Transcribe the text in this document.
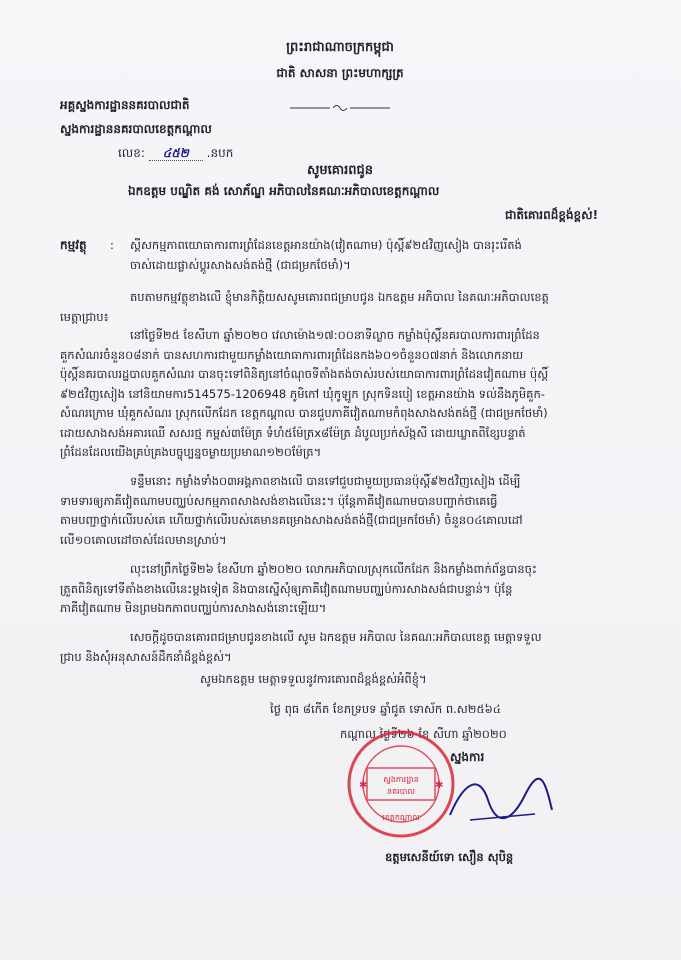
ព្រះរាជាណាចក្រកម្ពុជា
ជាតិ សាសនា ព្រះមហាក្សត្រ
អគ្គស្នងការដ្ឋាននគរបាលជាតិ
ស្នងការដ្ឋាននគរបាលខេត្តកណ្តាល
លេខ: ៤៥២ .នបក
សូមគោរពជូន
ឯកឧត្តម បណ្ឌិត គង់ សោភ័ណ្ឌ អភិបាលនៃគណៈអភិបាលខេត្តកណ្តាល
ជាតិគោរពដ៏ខ្ពង់ខ្ពស់!
កម្មវត្ថុ : ស្តីសកម្មភាពយោធាការពារព្រំដែនខេត្តអានយ៉ាង(វៀតណាម) ប៉ុស្តិ៍៩២៥វិញសៀង បានរុះរើតង់
ចាស់ដោយផ្លាស់ប្តូរសាងសង់តង់ថ្មី (ជាជម្រកថែមាំ)។
តបតាមកម្មវត្ថុខាងលើ ខ្ញុំមានកិត្តិយសសូមគោរពជម្រាបជូន ឯកឧត្តម អភិបាល នៃគណៈអភិបាលខេត្ត
មេត្តាជ្រាប៖
នៅថ្ងៃទី២៥ ខែសីហា ឆ្នាំ២០២០ វេលាម៉ោង១៧:០០នាទីល្ងាច កម្លាំងប៉ុស្តិ៍នគរបាលការពារព្រំដែន
គួកសំណរចំនួន០៨នាក់ បានសហការជាមួយកម្លាំងយោធាការពារព្រំដែនកង៦០១ចំនួន០៧នាក់ និងលោកនាយ
ប៉ុស្តិ៍នគរបាលរដ្ឋបាលគួកសំណរ បានចុះទៅពិនិត្យនៅចំណុចទីតាំងតង់ចាស់របស់យោធាការពារព្រំដែនវៀតណាម ប៉ុស្តិ៍
៩២៥វិញសៀង នៅនិយាមការ514575-1206948 ភូមិកៅ ឃុំកូឡូក ស្រុកទិនបៀ ខេត្តអានយ៉ាង ទល់នឹងភូមិគួក-
សំណរក្រោម ឃុំគួកសំណរ ស្រុកលើកដែក ខេត្តកណ្តាល បានជួបភាគីវៀតណាមកំពុងសាងសង់តង់ថ្មី (ជាជម្រកថែមាំ)
ដោយសាងសង់អគារឈើ សសរថ្ម កម្ពស់៣ម៉ែត្រ ទំហំ៥ម៉ែត្រx៨ម៉ែត្រ ដំបូលប្រក់ស័ង្កសី ដោយឃ្លាតពីខ្សែបន្ទាត់
ព្រំដែនដែលយើងគ្រប់គ្រងបច្ចុប្បន្នចម្ងាយប្រមាណ១២០ម៉ែត្រ។
ទន្ទឹមនោះ កម្លាំងទាំង០៣អង្គភាពខាងលើ បានទៅជួបជាមួយប្រធានប៉ុស្តិ៍៩២៥វិញសៀង ដើម្បី
ទាមទារឲ្យភាគីវៀតណាមបញ្ឈប់សកម្មភាពសាងសង់ខាងលើនេះ។ ប៉ុន្តែភាគីវៀតណាមបានបញ្ជាក់ថាគេធ្វើ
តាមបញ្ជាថ្នាក់លើរបស់គេ ហើយថ្នាក់លើរបស់គេមានគម្រោងសាងសង់តង់ថ្មី(ជាជម្រកថែមាំ) ចំនួន០៤គោលដៅ
លើ១០គោលដៅចាស់ដែលមានស្រាប់។
លុះនៅព្រឹកថ្ងៃទី២៦ ខែសីហា ឆ្នាំ២០២០ លោកអភិបាលស្រុកលើកដែក និងកម្លាំងពាក់ព័ន្ធបានចុះ
ត្រួតពិនិត្យទៅទីតាំងខាងលើនេះម្តងទៀត និងបានស្នើសុំឲ្យភាគីវៀតណាមបញ្ឈប់ការសាងសង់ជាបន្ទាន់។ ប៉ុន្តែ
ភាគីវៀតណាម មិនព្រមឯកភាពបញ្ឈប់ការសាងសង់នោះឡើយ។
សេចក្តីដូចបានគោរពជម្រាបជូនខាងលើ សូម ឯកឧត្តម អភិបាល នៃគណៈអភិបាលខេត្ត មេត្តាទទួល
ជ្រាប និងសុំអនុសាសន៍ដឹកនាំដ៏ខ្ពង់ខ្ពស់។
សូមឯកឧត្តម មេត្តាទទួលនូវការគោរពដ៏ខ្ពង់ខ្ពស់អំពីខ្ញុំ។
ថ្ងៃ ពុធ ៨កើត ខែភទ្របទ ឆ្នាំជូត ទោស័ក ព.ស២៥៦៤
កណ្តាល ថ្ងៃទី២៦ ខែ សីហា ឆ្នាំ២០២០
ស្នងការ
ស្នងការដ្ឋាន
នគរបាល
ខេត្តកណ្តាល
✱	✱
ឧត្តមសេនីយ៍ទោ សឿន សុបិន្ត
